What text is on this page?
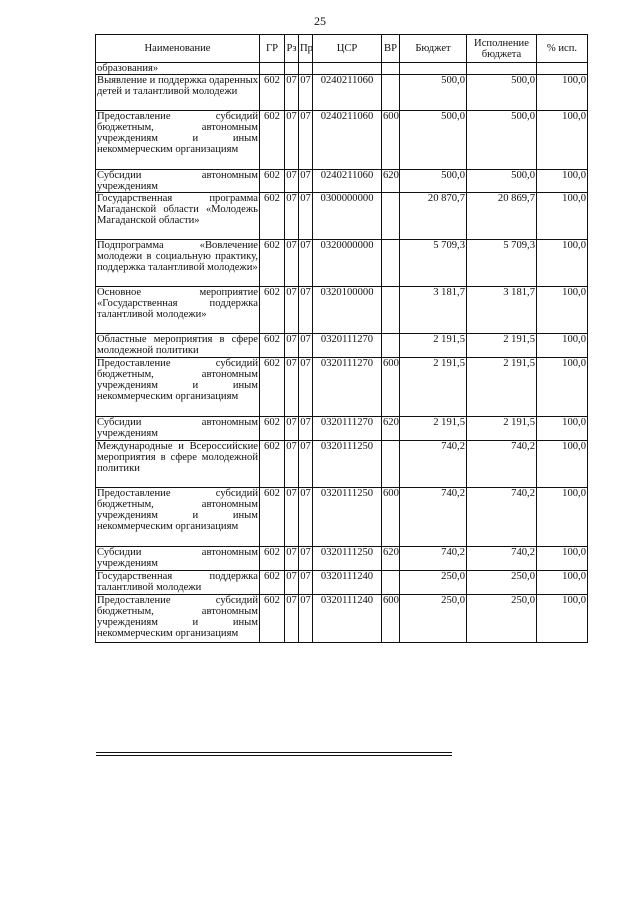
25
Наименование	ГР	Рз	Пр	ЦСР	ВР	Бюджет	Исполнение бюджета	% исп.
образования»								
Выявление и поддержка одаренных детей и талантливой молодежи	602	07	07	0240211060		500,0	500,0	100,0
Предоставление субсидий бюджетным, автономным учреждениям и иным некоммерческим организациям	602	07	07	0240211060	600	500,0	500,0	100,0
Субсидии автономным учреждениям	602	07	07	0240211060	620	500,0	500,0	100,0
Государственная программа Магаданской области «Молодежь Магаданской области»	602	07	07	0300000000		20 870,7	20 869,7	100,0
Подпрограмма «Вовлечение молодежи в социальную практику, поддержка талантливой молодежи»	602	07	07	0320000000		5 709,3	5 709,3	100,0
Основное мероприятие «Государственная поддержка талантливой молодежи»	602	07	07	0320100000		3 181,7	3 181,7	100,0
Областные мероприятия в сфере молодежной политики	602	07	07	0320111270		2 191,5	2 191,5	100,0
Предоставление субсидий бюджетным, автономным учреждениям и иным некоммерческим организациям	602	07	07	0320111270	600	2 191,5	2 191,5	100,0
Субсидии автономным учреждениям	602	07	07	0320111270	620	2 191,5	2 191,5	100,0
Международные и Всероссийские мероприятия в сфере молодежной политики	602	07	07	0320111250		740,2	740,2	100,0
Предоставление субсидий бюджетным, автономным учреждениям и иным некоммерческим организациям	602	07	07	0320111250	600	740,2	740,2	100,0
Субсидии автономным учреждениям	602	07	07	0320111250	620	740,2	740,2	100,0
Государственная поддержка талантливой молодежи	602	07	07	0320111240		250,0	250,0	100,0
Предоставление субсидий бюджетным, автономным учреждениям и иным некоммерческим организациям	602	07	07	0320111240	600	250,0	250,0	100,0
